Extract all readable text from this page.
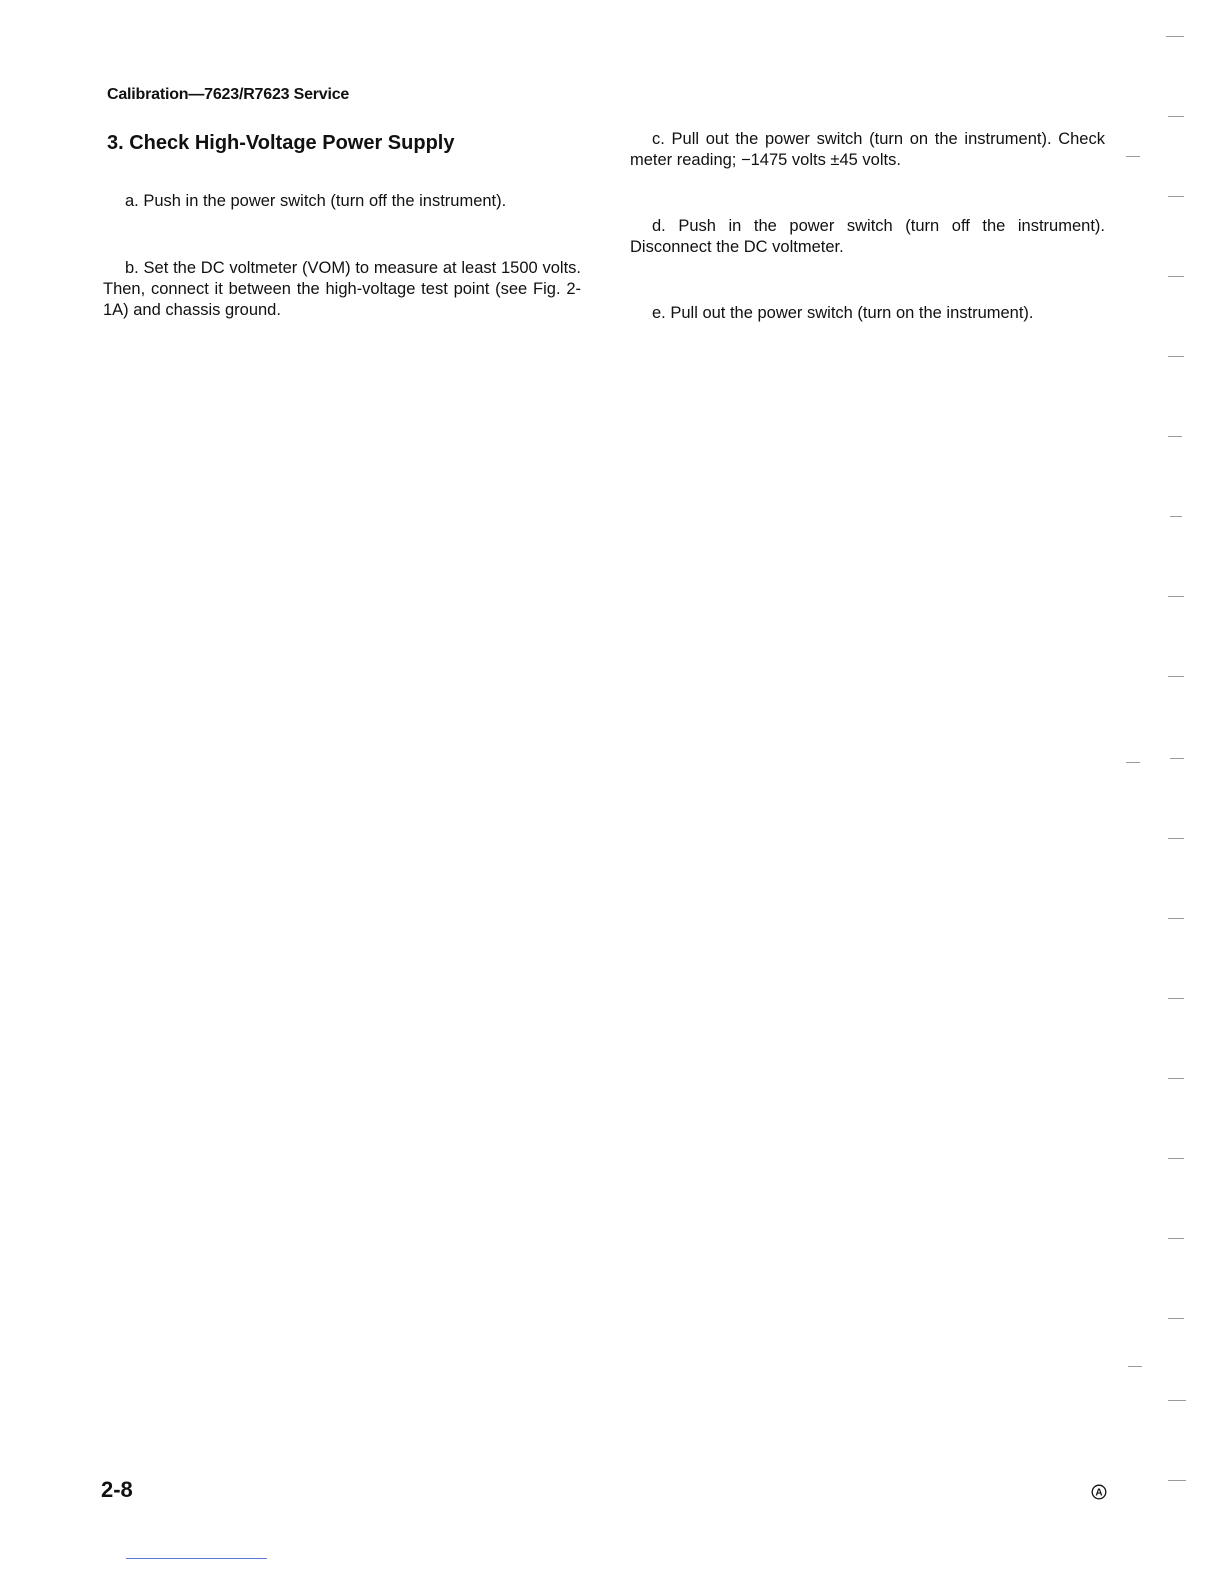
Calibration—7623/R7623 Service
3. Check High-Voltage Power Supply

a. Push in the power switch (turn off the instrument).

b. Set the DC voltmeter (VOM) to measure at least 1500 volts. Then, connect it between the high-voltage test point (see Fig. 2-1A) and chassis ground.

c. Pull out the power switch (turn on the instrument). Check meter reading; −1475 volts ±45 volts.

d. Push in the power switch (turn off the instrument). Disconnect the DC voltmeter.

e. Pull out the power switch (turn on the instrument).

2-8	A
